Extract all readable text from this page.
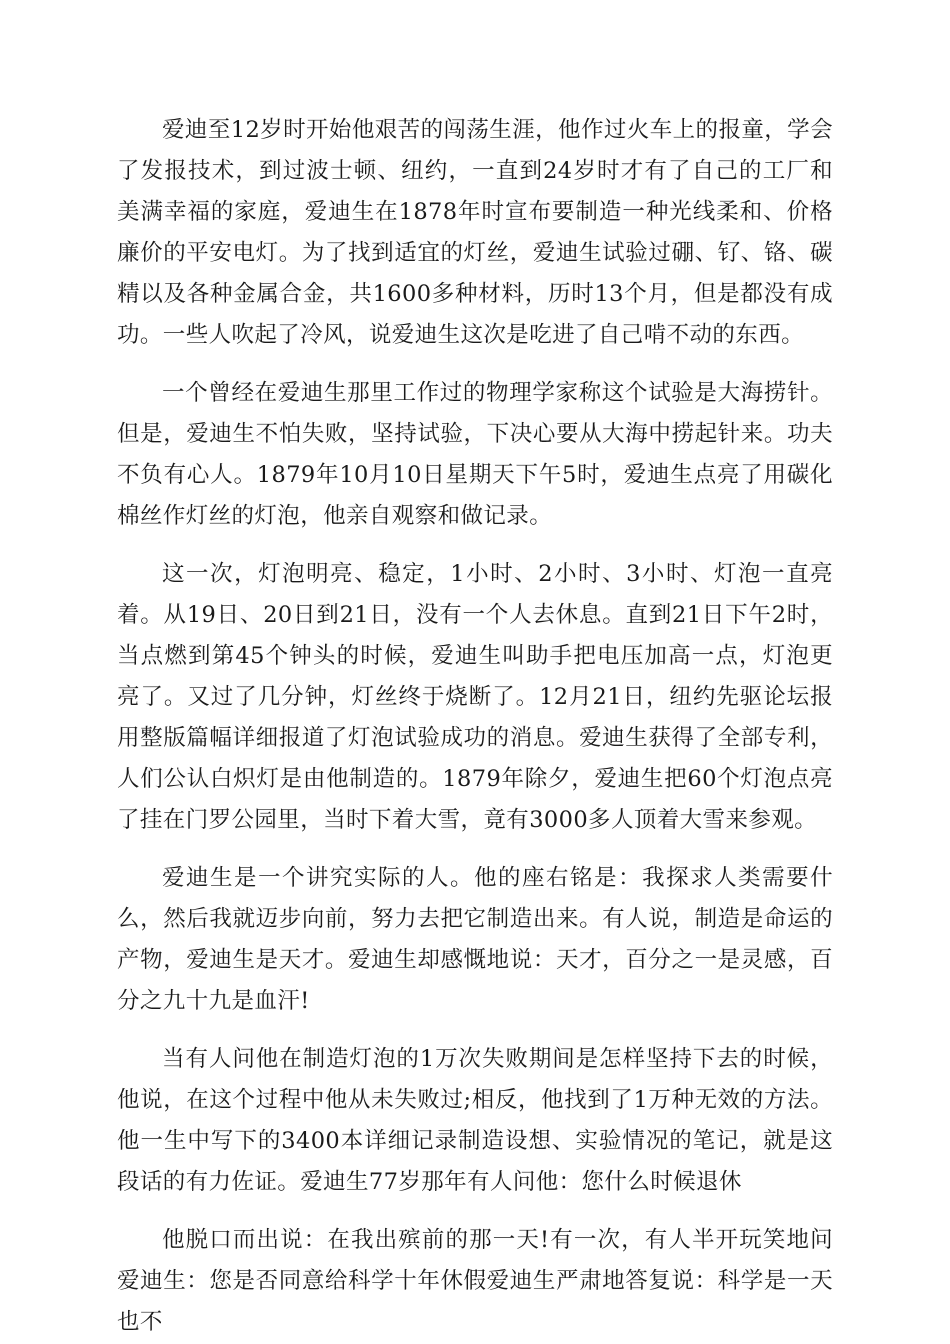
爱迪至12岁时开始他艰苦的闯荡生涯，他作过火车上的报童，学会了发报技术，到过波士顿、纽约，一直到24岁时才有了自己的工厂和美满幸福的家庭，爱迪生在1878年时宣布要制造一种光线柔和、价格廉价的平安电灯。为了找到适宜的灯丝，爱迪生试验过硼、钌、铬、碳精以及各种金属合金，共1600多种材料，历时13个月，但是都没有成功。一些人吹起了冷风，说爱迪生这次是吃进了自己啃不动的东西。

一个曾经在爱迪生那里工作过的物理学家称这个试验是大海捞针。但是，爱迪生不怕失败，坚持试验，下决心要从大海中捞起针来。功夫不负有心人。1879年10月10日星期天下午5时，爱迪生点亮了用碳化棉丝作灯丝的灯泡，他亲自观察和做记录。

这一次，灯泡明亮、稳定，1小时、2小时、3小时、灯泡一直亮着。从19日、20日到21日，没有一个人去休息。直到21日下午2时，当点燃到第45个钟头的时候，爱迪生叫助手把电压加高一点，灯泡更亮了。又过了几分钟，灯丝终于烧断了。12月21日，纽约先驱论坛报用整版篇幅详细报道了灯泡试验成功的消息。爱迪生获得了全部专利，人们公认白炽灯是由他制造的。1879年除夕，爱迪生把60个灯泡点亮了挂在门罗公园里，当时下着大雪，竟有3000多人顶着大雪来参观。

爱迪生是一个讲究实际的人。他的座右铭是：我探求人类需要什么，然后我就迈步向前，努力去把它制造出来。有人说，制造是命运的产物，爱迪生是天才。爱迪生却感慨地说：天才，百分之一是灵感，百分之九十九是血汗!

当有人问他在制造灯泡的1万次失败期间是怎样坚持下去的时候，他说，在这个过程中他从未失败过;相反，他找到了1万种无效的方法。他一生中写下的3400本详细记录制造设想、实验情况的笔记，就是这段话的有力佐证。爱迪生77岁那年有人问他：您什么时候退休

他脱口而出说：在我出殡前的那一天!有一次，有人半开玩笑地问爱迪生：您是否同意给科学十年休假爱迪生严肃地答复说：科学是一天也不
